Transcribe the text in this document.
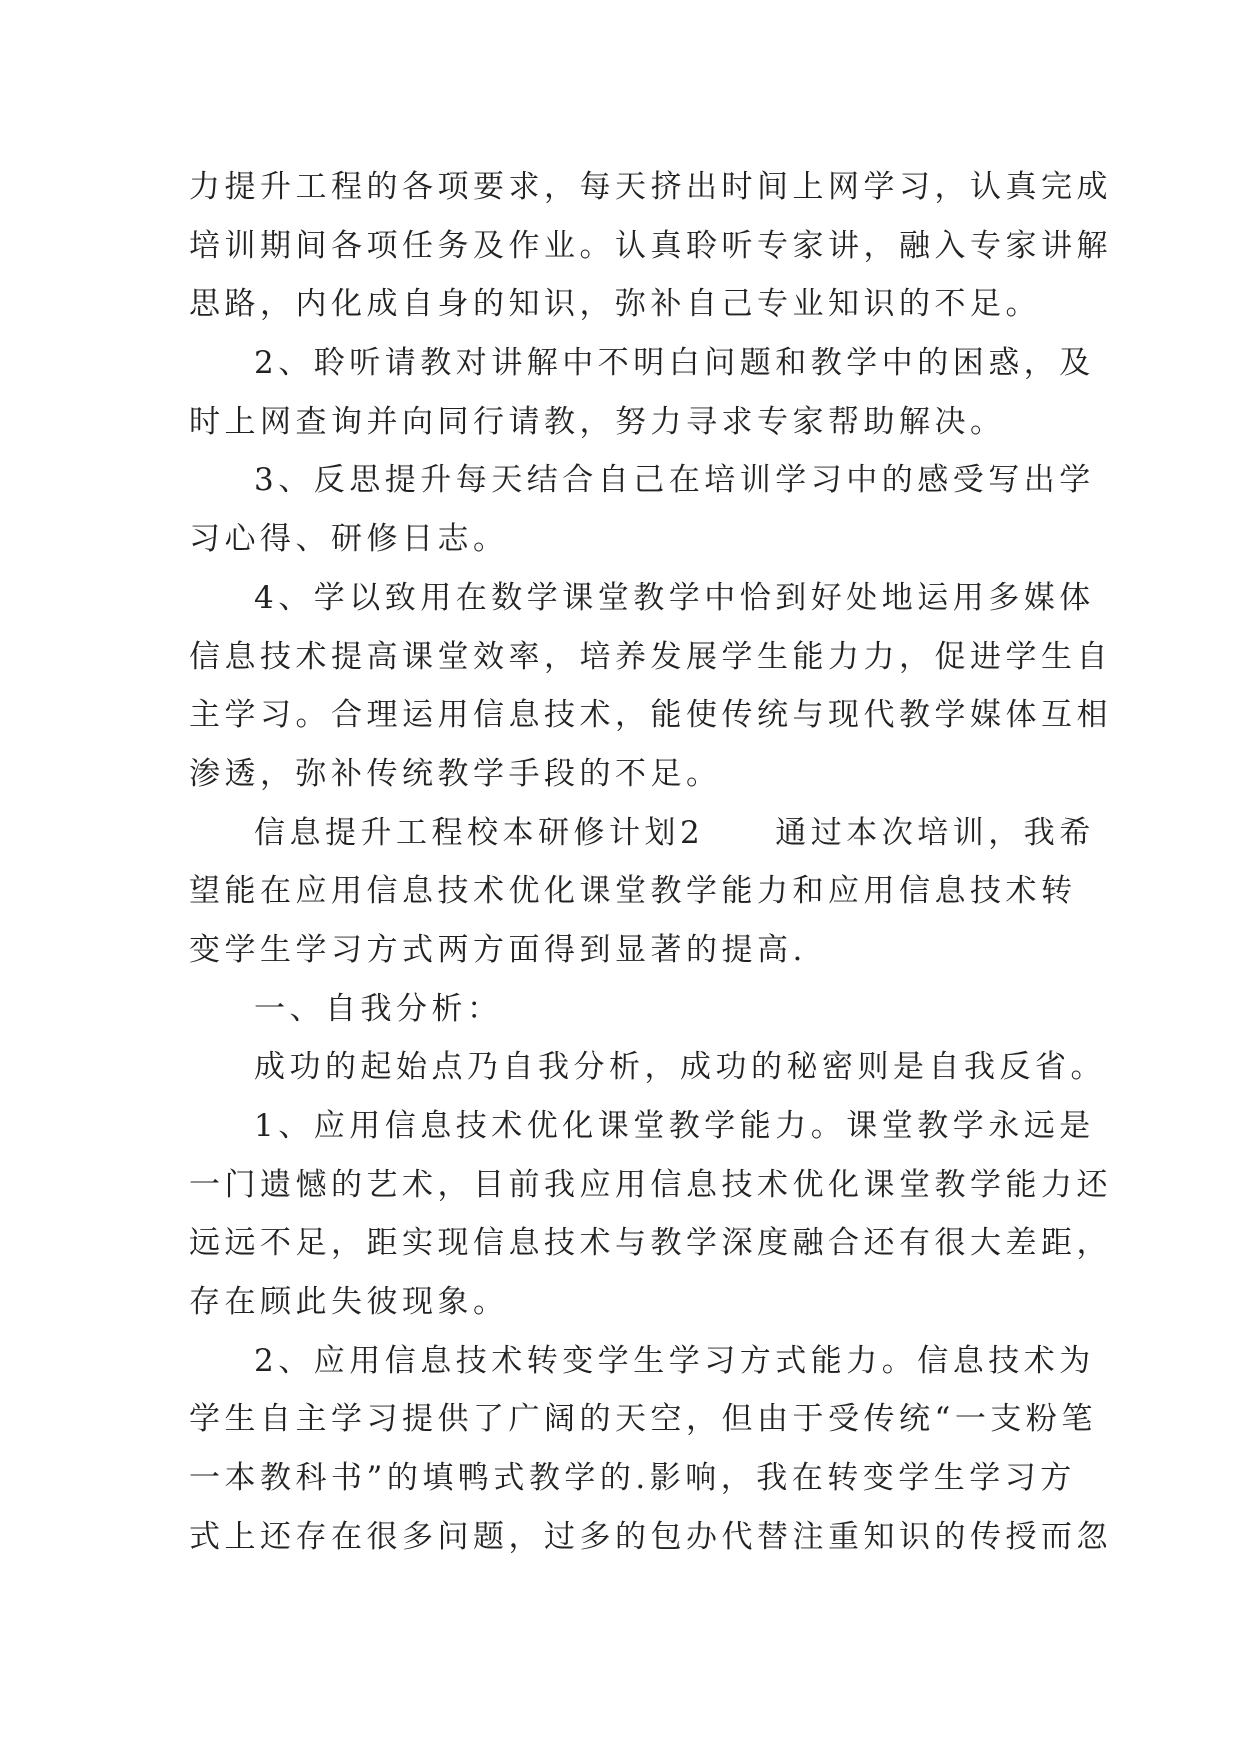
力提升工程的各项要求，每天挤出时间上网学习，认真完成
培训期间各项任务及作业。认真聆听专家讲，融入专家讲解
思路，内化成自身的知识，弥补自己专业知识的不足。
2、聆听请教对讲解中不明白问题和教学中的困惑，及
时上网查询并向同行请教，努力寻求专家帮助解决。
3、反思提升每天结合自己在培训学习中的感受写出学
习心得、研修日志。
4、学以致用在数学课堂教学中恰到好处地运用多媒体
信息技术提高课堂效率，培养发展学生能力力，促进学生自
主学习。合理运用信息技术，能使传统与现代教学媒体互相
渗透，弥补传统教学手段的不足。
信息提升工程校本研修计划2　　通过本次培训，我希
望能在应用信息技术优化课堂教学能力和应用信息技术转
变学生学习方式两方面得到显著的提高.
一、自我分析：
成功的起始点乃自我分析，成功的秘密则是自我反省。
1、应用信息技术优化课堂教学能力。课堂教学永远是
一门遗憾的艺术，目前我应用信息技术优化课堂教学能力还
远远不足，距实现信息技术与教学深度融合还有很大差距，
存在顾此失彼现象。
2、应用信息技术转变学生学习方式能力。信息技术为
学生自主学习提供了广阔的天空，但由于受传统“一支粉笔
一本教科书”的填鸭式教学的.影响，我在转变学生学习方
式上还存在很多问题，过多的包办代替注重知识的传授而忽
